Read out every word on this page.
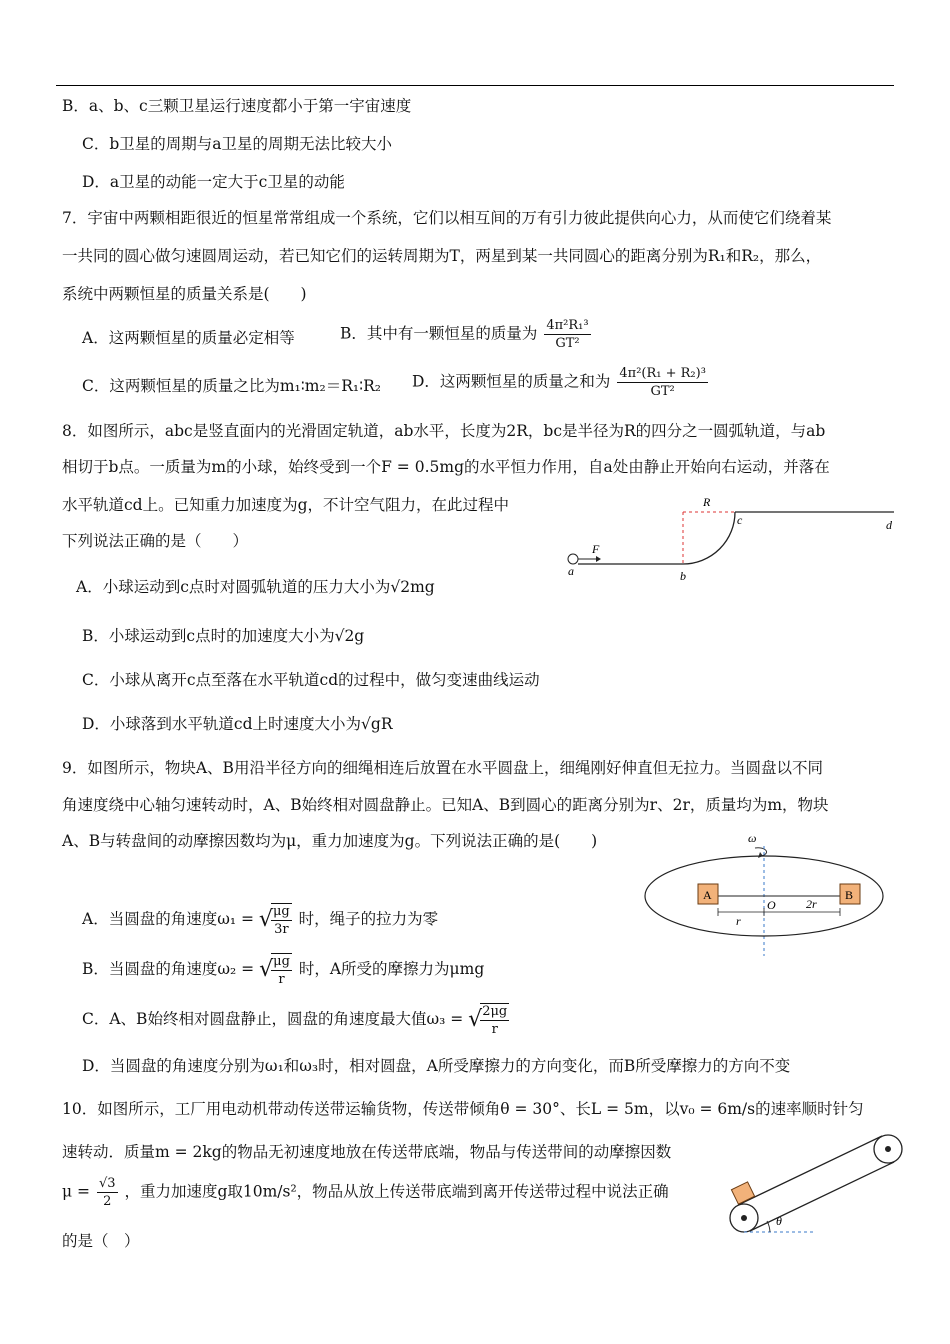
B．a、b、c三颗卫星运行速度都小于第一宇宙速度
C．b卫星的周期与a卫星的周期无法比较大小
D．a卫星的动能一定大于c卫星的动能
7．宇宙中两颗相距很近的恒星常常组成一个系统，它们以相互间的万有引力彼此提供向心力，从而使它们绕着某
一共同的圆心做匀速圆周运动，若已知它们的运转周期为T，两星到某一共同圆心的距离分别为R₁和R₂，那么，
系统中两颗恒星的质量关系是(　　)
A．这两颗恒星的质量必定相等	B．其中有一颗恒星的质量为 $\frac{\text{4π²R₁³}}{\text{GT²}}$
C．这两颗恒星的质量之比为m₁∶m₂＝R₁∶R₂ D．这两颗恒星的质量之和为 $\frac{\text{4π²(R₁ + R₂)³}}{\text{GT²}}$
8．如图所示，abc是竖直面内的光滑固定轨道，ab水平，长度为2R，bc是半径为R的四分之一圆弧轨道，与ab
相切于b点。一质量为m的小球，始终受到一个F = 0.5mg的水平恒力作用，自a处由静止开始向右运动，并落在
水平轨道cd上。已知重力加速度为g，不计空气阻力，在此过程中
下列说法正确的是（　　）
R
F
a	b
c	d
A．小球运动到c点时对圆弧轨道的压力大小为√2mg
B．小球运动到c点时的加速度大小为√2g
C．小球从离开c点至落在水平轨道cd的过程中，做匀变速曲线运动
D．小球落到水平轨道cd上时速度大小为√gR
9．如图所示，物块A、B用沿半径方向的细绳相连后放置在水平圆盘上，细绳刚好伸直但无拉力。当圆盘以不同
角速度绕中心轴匀速转动时，A、B始终相对圆盘静止。已知A、B到圆心的距离分别为r、2r，质量均为m，物块
A、B与转盘间的动摩擦因数均为μ，重力加速度为g。下列说法正确的是(　　)	ω
A	B
O
r
2r
A．当圆盘的角速度ω₁ = √
$\frac{\mu g}{3r}$ 时，绳子的拉力为零
B．当圆盘的角速度ω₂ = √
$\frac{\mu g}{r}$ 时，A所受的摩擦力为μmg
C．A、B始终相对圆盘静止，圆盘的角速度最大值ω₃ = √
$\frac{2\mu g}{r}$
D．当圆盘的角速度分别为ω₁和ω₃时，相对圆盘，A所受摩擦力的方向变化，而B所受摩擦力的方向不变
10．如图所示，工厂用电动机带动传送带运输货物，传送带倾角θ = 30°、长L = 5m，以v₀ = 6m/s的速率顺时针匀
速转动．质量m = 2kg的物品无初速度地放在传送带底端，物品与传送带间的动摩擦因数
$\mu = \frac{√3}{2}$ ，重力加速度g取10m/s²，物品从放上传送带底端到离开传送带过程中说法正确
的是（　）
θ
